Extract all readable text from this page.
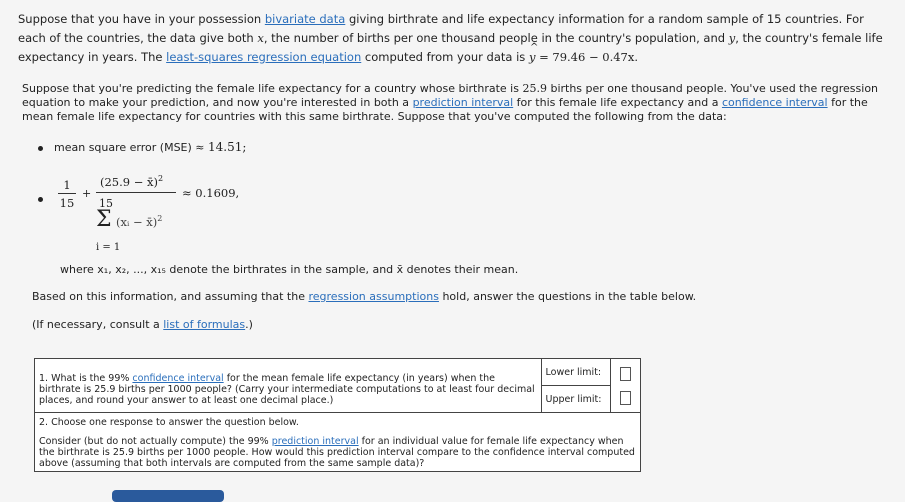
Suppose that you have in your possession bivariate data giving birthrate and life expectancy information for a random sample of 15 countries. For each of the countries, the data give both x, the number of births per one thousand people in the country's population, and y, the country's female life expectancy in years. The least-squares regression equation computed from your data is
^
y = 79.46 − 0.47x.
Suppose that you're predicting the female life expectancy for a country whose birthrate is 25.9 births per one thousand people. You've used the regression equation to make your prediction, and now you're interested in both a prediction interval for this female life expectancy and a confidence interval for the mean female life expectancy for countries with this same birthrate. Suppose that you've computed the following from the data:
mean square error (MSE) ≈ 14.51;
1
15
+
(25.9 − x̄)$^2$
15
Σ (xᵢ − x̄)$^2$
i = 1
≈ 0.1609,
where x₁, x₂, ..., x₁₅ denote the birthrates in the sample, and x̄ denotes their mean.
Based on this information, and assuming that the regression assumptions hold, answer the questions in the table below.
(If necessary, consult a list of formulas.)
1. What is the 99% confidence interval for the mean female life expectancy (in years) when the birthrate is 25.9 births per 1000 people? (Carry your intermediate computations to at least four decimal places, and round your answer to at least one decimal place.)	Lower limit:	

Upper limit:

2. Choose one response to answer the question below.
Consider (but do not actually compute) the 99% prediction interval for an individual value for female life expectancy when the birthrate is 25.9 births per 1000 people. How would this prediction interval compare to the confidence interval computed above (assuming that both intervals are computed from the same sample data)?
